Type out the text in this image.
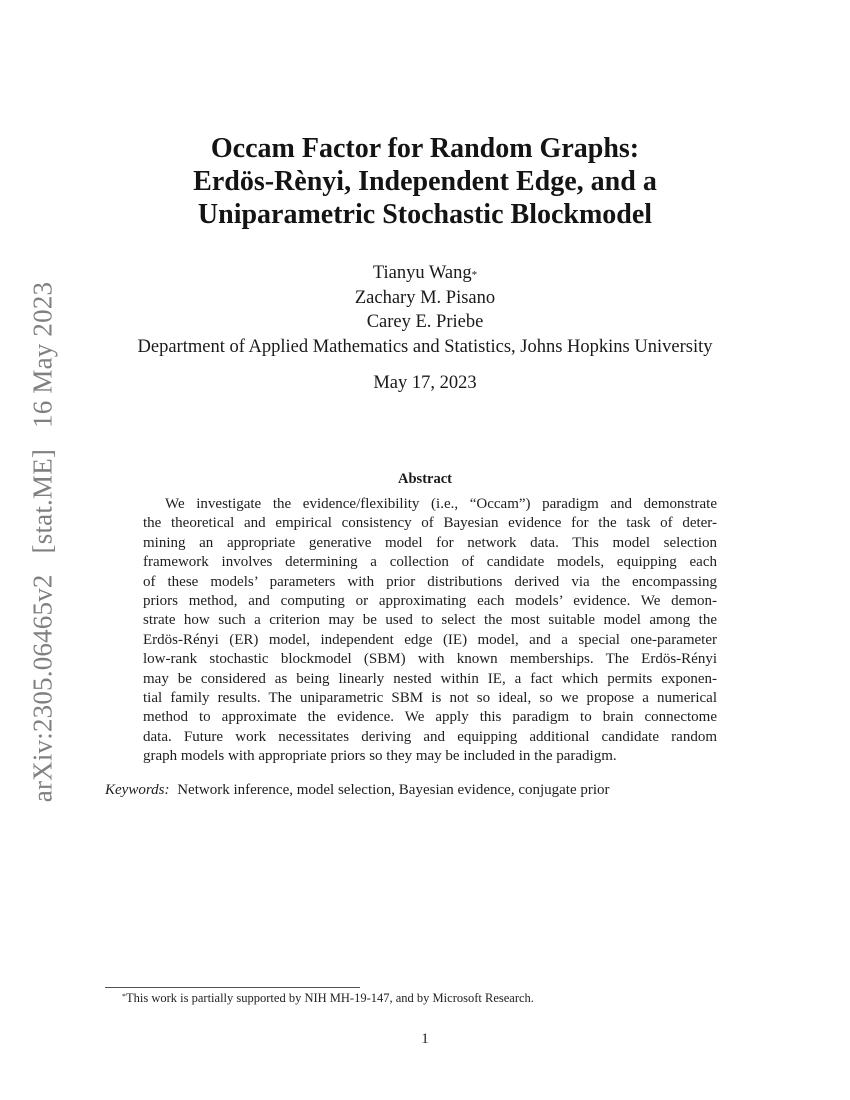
arXiv:2305.06465v2 [stat.ME] 16 May 2023
Occam Factor for Random Graphs:
Erdös-Rènyi, Independent Edge, and a
Uniparametric Stochastic Blockmodel
Tianyu Wang*
Zachary M. Pisano
Carey E. Priebe
Department of Applied Mathematics and Statistics, Johns Hopkins University
May 17, 2023
Abstract
We investigate the evidence/flexibility (i.e., “Occam”) paradigm and demonstrate
the theoretical and empirical consistency of Bayesian evidence for the task of deter-
mining an appropriate generative model for network data. This model selection
framework involves determining a collection of candidate models, equipping each
of these models’ parameters with prior distributions derived via the encompassing
priors method, and computing or approximating each models’ evidence. We demon-
strate how such a criterion may be used to select the most suitable model among the
Erdös-Rényi (ER) model, independent edge (IE) model, and a special one-parameter
low-rank stochastic blockmodel (SBM) with known memberships. The Erdös-Rényi
may be considered as being linearly nested within IE, a fact which permits exponen-
tial family results. The uniparametric SBM is not so ideal, so we propose a numerical
method to approximate the evidence. We apply this paradigm to brain connectome
data. Future work necessitates deriving and equipping additional candidate random
graph models with appropriate priors so they may be included in the paradigm.
Keywords: Network inference, model selection, Bayesian evidence, conjugate prior
*This work is partially supported by NIH MH-19-147, and by Microsoft Research.
1
